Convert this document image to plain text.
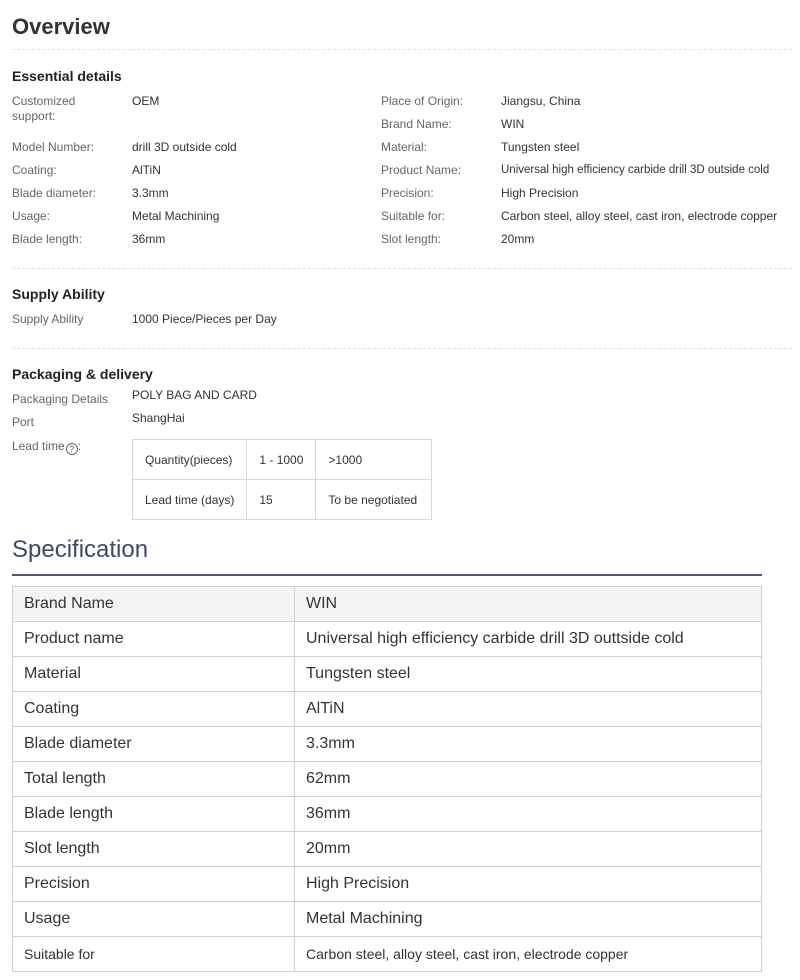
Overview
Essential details
Customized support:
OEM
Model Number:	drill 3D outside cold
Coating:	AlTiN
Blade diameter:	3.3mm
Usage:	Metal Machining
Blade length:	36mm
Place of Origin:	Jiangsu, China
Brand Name:	WIN
Material:	Tungsten steel
Product Name:	Universal high efficiency carbide drill 3D outside cold
Precision:	High Precision
Suitable for:	Carbon steel, alloy steel, cast iron, electrode copper
Slot length:	20mm
Supply Ability
Supply Ability	1000 Piece/Pieces per Day
Packaging & delivery
Packaging Details POLY BAG AND CARD
Port	ShangHai
Lead time ? :
Quantity(pieces)	1 - 1000	>1000
Lead time (days)	15	To be negotiated
Specification
Brand Name	WIN
Product name	Universal high efficiency carbide drill 3D outtside cold
Material	Tungsten steel
Coating	AlTiN
Blade diameter	3.3mm
Total length	62mm
Blade length	36mm
Slot length	20mm
Precision	High Precision
Usage	Metal Machining
Suitable for	Carbon steel, alloy steel, cast iron, electrode copper
